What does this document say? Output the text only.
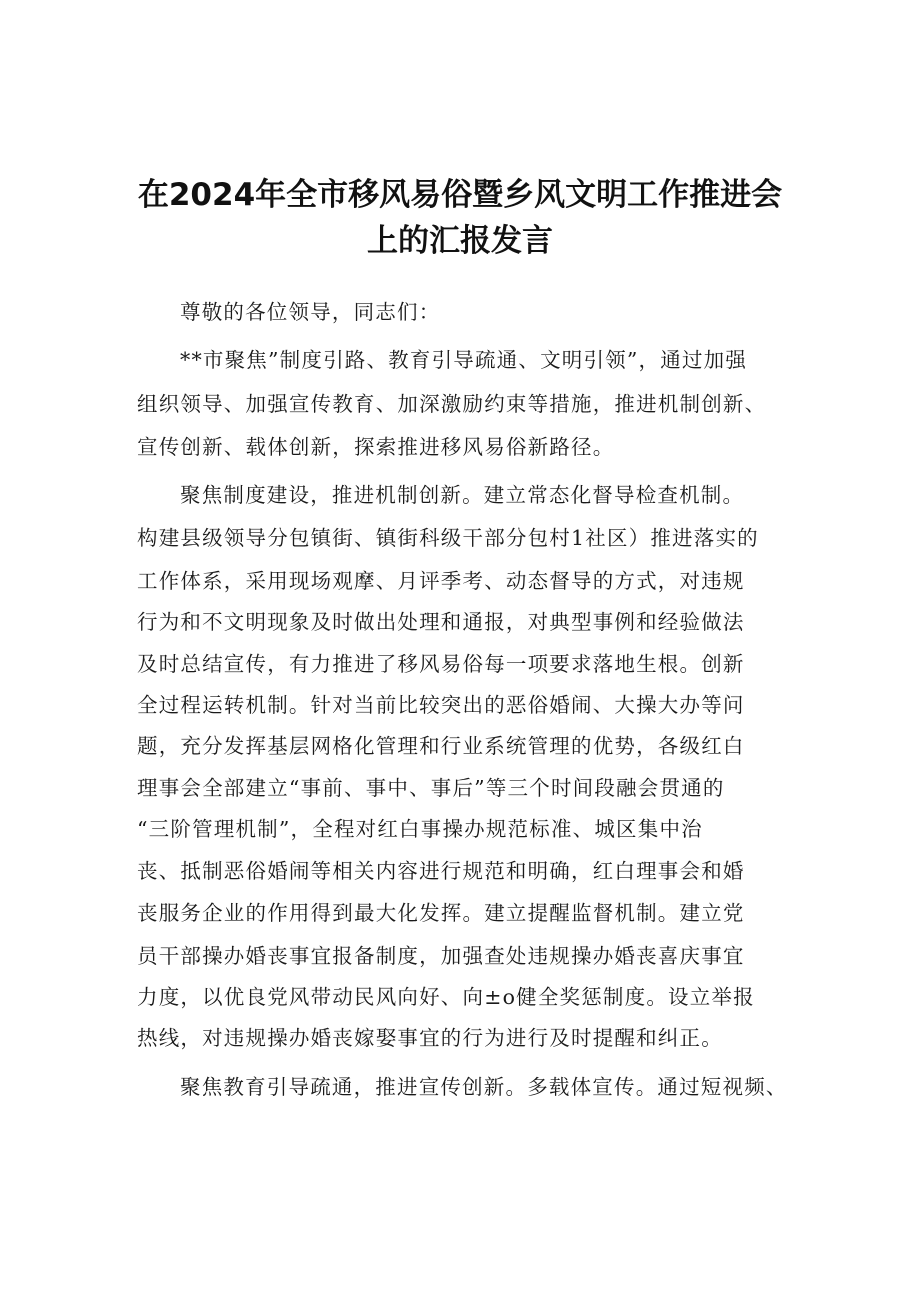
在2024年全市移风易俗暨乡风文明工作推进会
上的汇报发言
尊敬的各位领导，同志们：
**市聚焦”制度引路、教育引导疏通、文明引领”，通过加强
组织领导、加强宣传教育、加深激励约束等措施，推进机制创新、
宣传创新、载体创新，探索推进移风易俗新路径。
聚焦制度建设，推进机制创新。建立常态化督导检查机制。
构建县级领导分包镇街、镇街科级干部分包村1社区）推进落实的
工作体系，采用现场观摩、月评季考、动态督导的方式，对违规
行为和不文明现象及时做出处理和通报，对典型事例和经验做法
及时总结宣传，有力推进了移风易俗每一项要求落地生根。创新
全过程运转机制。针对当前比较突出的恶俗婚闹、大操大办等问
题，充分发挥基层网格化管理和行业系统管理的优势，各级红白
理事会全部建立“事前、事中、事后”等三个时间段融会贯通的
“三阶管理机制”，全程对红白事操办规范标准、城区集中治
丧、抵制恶俗婚闹等相关内容进行规范和明确，红白理事会和婚
丧服务企业的作用得到最大化发挥。建立提醒监督机制。建立党
员干部操办婚丧事宜报备制度，加强查处违规操办婚丧喜庆事宜
力度，以优良党风带动民风向好、向±o健全奖惩制度。设立举报
热线，对违规操办婚丧嫁娶事宜的行为进行及时提醒和纠正。
聚焦教育引导疏通，推进宣传创新。多载体宣传。通过短视频、
